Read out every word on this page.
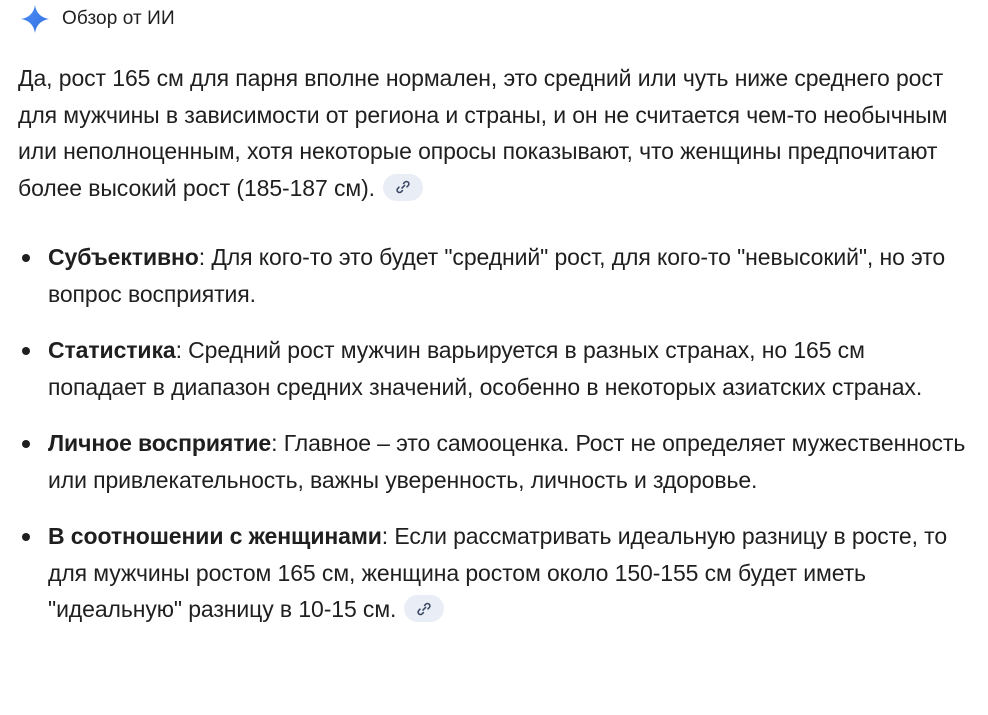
Обзор от ИИ

Да, рост 165 см для парня вполне нормален, это средний или чуть ниже среднего рост для мужчины в зависимости от региона и страны, и он не считается чем-то необычным или неполноценным, хотя некоторые опросы показывают, что женщины предпочитают более высокий рост (185-187 см).

Субъективно: Для кого-то это будет "средний" рост, для кого-то "невысокий", но это вопрос восприятия.
Статистика: Средний рост мужчин варьируется в разных странах, но 165 см попадает в диапазон средних значений, особенно в некоторых азиатских странах.
Личное восприятие: Главное – это самооценка. Рост не определяет мужественность или привлекательность, важны уверенность, личность и здоровье.
В соотношении с женщинами: Если рассматривать идеальную разницу в росте, то для мужчины ростом 165 см, женщина ростом около 150-155 см будет иметь "идеальную" разницу в 10-15 см.
